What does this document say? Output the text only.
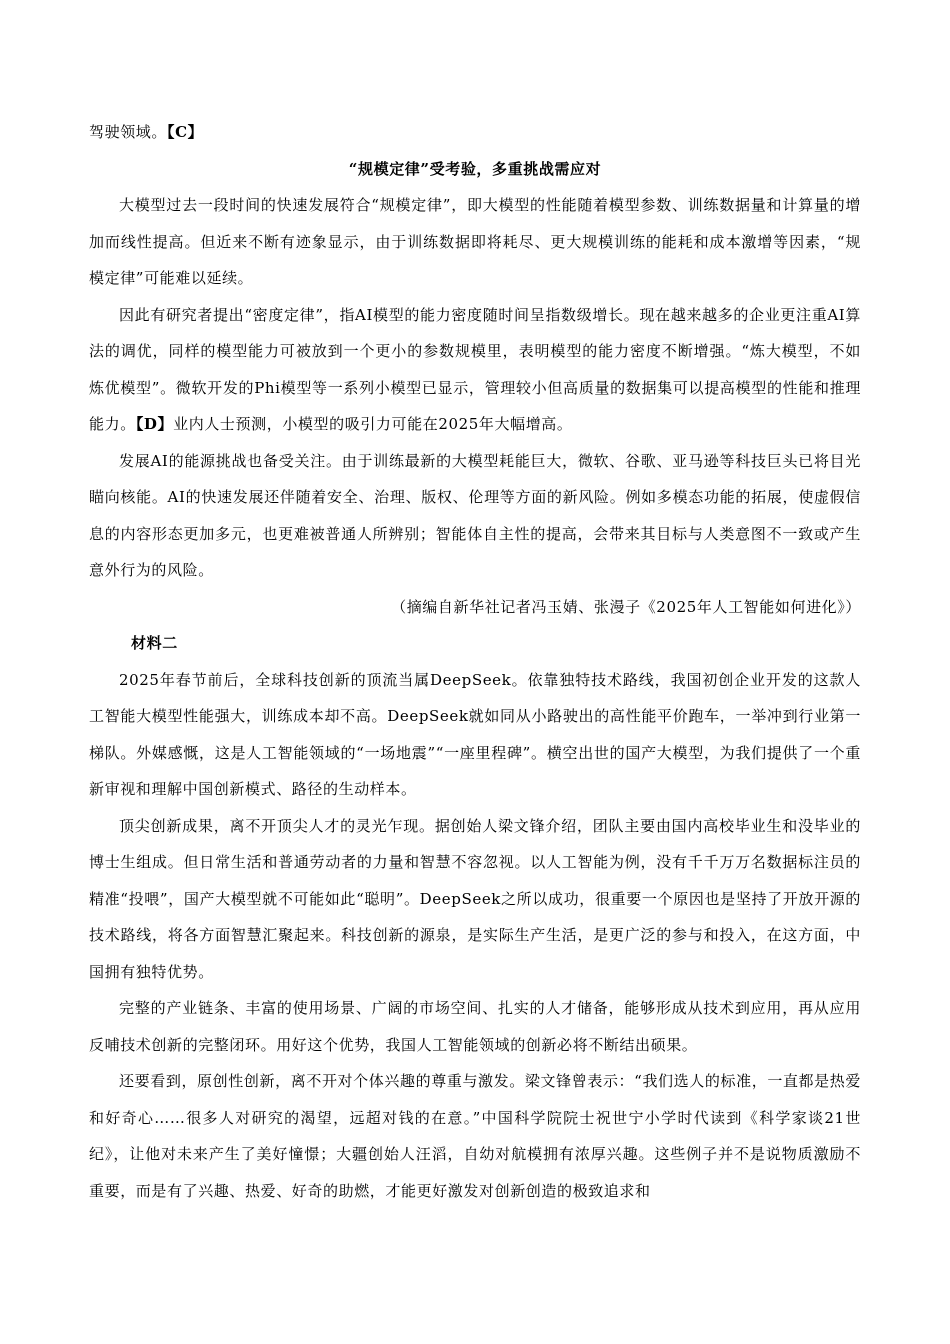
驾驶领域。【C】

“规模定律”受考验，多重挑战需应对

大模型过去一段时间的快速发展符合“规模定律”，即大模型的性能随着模型参数、训练数据量和计算量的增加而线性提高。但近来不断有迹象显示，由于训练数据即将耗尽、更大规模训练的能耗和成本激增等因素，“规模定律”可能难以延续。

因此有研究者提出“密度定律”，指AI模型的能力密度随时间呈指数级增长。现在越来越多的企业更注重AI算法的调优，同样的模型能力可被放到一个更小的参数规模里，表明模型的能力密度不断增强。“炼大模型，不如炼优模型”。微软开发的Phi模型等一系列小模型已显示，管理较小但高质量的数据集可以提高模型的性能和推理能力。【D】业内人士预测，小模型的吸引力可能在2025年大幅增高。

发展AI的能源挑战也备受关注。由于训练最新的大模型耗能巨大，微软、谷歌、亚马逊等科技巨头已将目光瞄向核能。AI的快速发展还伴随着安全、治理、版权、伦理等方面的新风险。例如多模态功能的拓展，使虚假信息的内容形态更加多元，也更难被普通人所辨别；智能体自主性的提高，会带来其目标与人类意图不一致或产生意外行为的风险。

（摘编自新华社记者冯玉婧、张漫子《2025年人工智能如何进化》）

材料二

2025年春节前后，全球科技创新的顶流当属DeepSeek。依靠独特技术路线，我国初创企业开发的这款人工智能大模型性能强大，训练成本却不高。DeepSeek就如同从小路驶出的高性能平价跑车，一举冲到行业第一梯队。外媒感慨，这是人工智能领域的“一场地震”“一座里程碑”。横空出世的国产大模型，为我们提供了一个重新审视和理解中国创新模式、路径的生动样本。

顶尖创新成果，离不开顶尖人才的灵光乍现。据创始人梁文锋介绍，团队主要由国内高校毕业生和没毕业的博士生组成。但日常生活和普通劳动者的力量和智慧不容忽视。以人工智能为例，没有千千万万名数据标注员的精准“投喂”，国产大模型就不可能如此“聪明”。DeepSeek之所以成功，很重要一个原因也是坚持了开放开源的技术路线，将各方面智慧汇聚起来。科技创新的源泉，是实际生产生活，是更广泛的参与和投入，在这方面，中国拥有独特优势。

完整的产业链条、丰富的使用场景、广阔的市场空间、扎实的人才储备，能够形成从技术到应用，再从应用反哺技术创新的完整闭环。用好这个优势，我国人工智能领域的创新必将不断结出硕果。

还要看到，原创性创新，离不开对个体兴趣的尊重与激发。梁文锋曾表示：“我们选人的标准，一直都是热爱和好奇心……很多人对研究的渴望，远超对钱的在意。”中国科学院院士祝世宁小学时代读到《科学家谈21世纪》，让他对未来产生了美好憧憬；大疆创始人汪滔，自幼对航模拥有浓厚兴趣。这些例子并不是说物质激励不重要，而是有了兴趣、热爱、好奇的助燃，才能更好激发对创新创造的极致追求和
